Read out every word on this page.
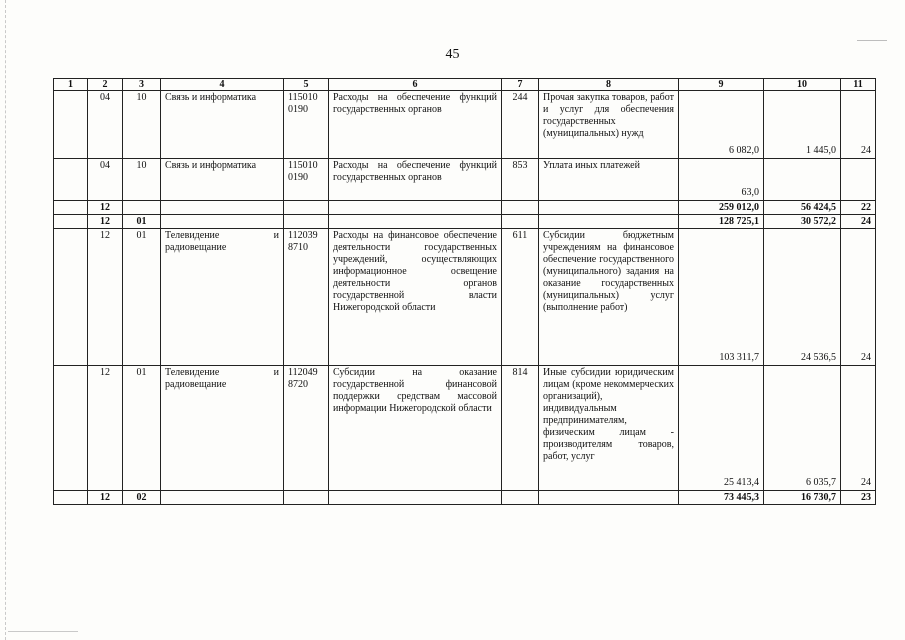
45
1	2	3	4	5	6	7	8	9	10	11
	04	10	Связь и информатика	115010 0190	Расходы на обеспечение функций государственных органов	244	Прочая закупка товаров, работ и услуг для обеспечения государственных (муниципальных) нужд	6 082,0	1 445,0	24
	04	10	Связь и информатика	115010 0190	Расходы на обеспечение функций государственных органов	853	Уплата иных платежей	63,0		
	12							259 012,0	56 424,5	22
	12	01						128 725,1	30 572,2	24
	12	01	Телевидение и радиовещание	112039 8710	Расходы на финансовое обеспечение деятельности государственных учреждений, осуществляющих информационное освещение деятельности органов государственной власти Нижегородской области	611	Субсидии бюджетным учреждениям на финансовое обеспечение государственного (муниципального) задания на оказание государственных (муниципальных) услуг (выполнение работ)	103 311,7	24 536,5	24
	12	01	Телевидение и радиовещание	112049 8720	Субсидии на оказание государственной финансовой поддержки средствам массовой информации Нижегородской области	814	Иные субсидии юридическим лицам (кроме некоммерческих организаций), индивидуальным предпринимателям, физическим лицам - производителям товаров, работ, услуг	25 413,4	6 035,7	24
	12	02						73 445,3	16 730,7	23
